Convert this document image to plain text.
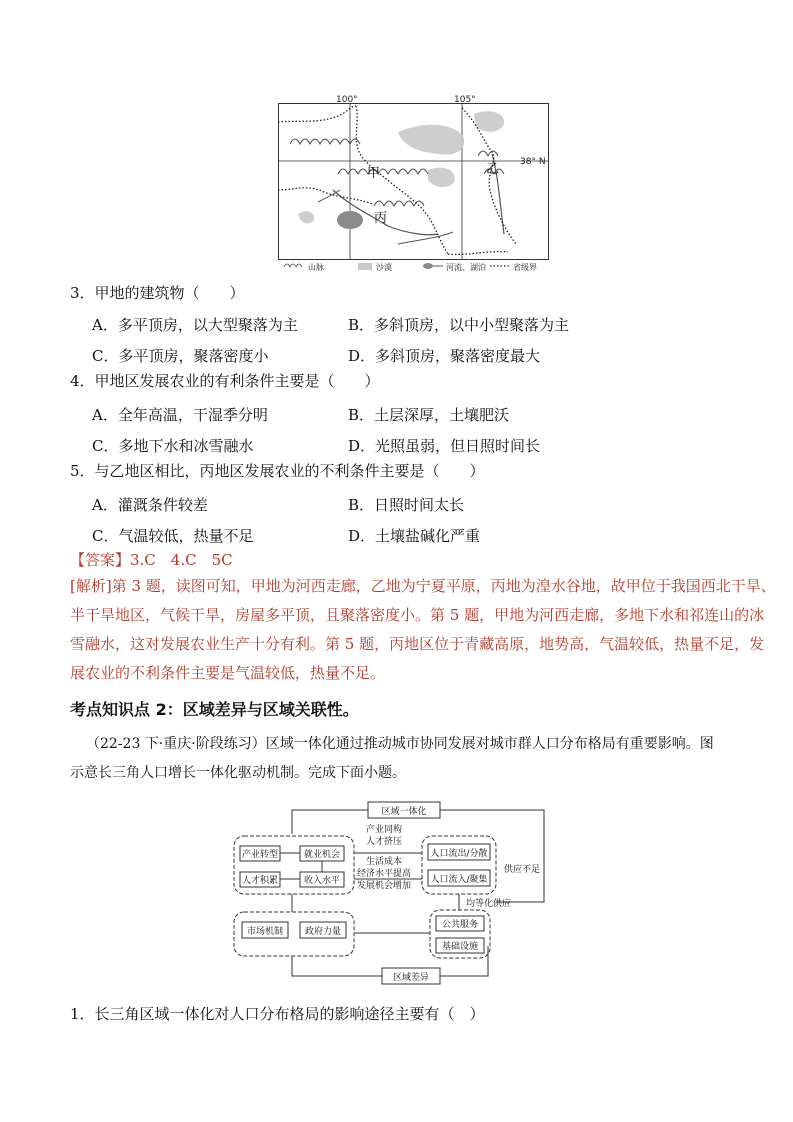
100°	105°
38° N
甲	乙
丙
山脉	沙漠	河流、湖泊	省级界
3．甲地的建筑物（　　）
A．多平顶房，以大型聚落为主	B．多斜顶房，以中小型聚落为主
C．多平顶房，聚落密度小	D．多斜顶房，聚落密度最大
4．甲地区发展农业的有利条件主要是（　　）
A．全年高温，干湿季分明	B．土层深厚，土壤肥沃
C．多地下水和冰雪融水	D．光照虽弱，但日照时间长
5．与乙地区相比，丙地区发展农业的不利条件主要是（　　）
A．灌溉条件较差	B．日照时间太长
C．气温较低，热量不足	D．土壤盐碱化严重
【答案】3.C　4.C　5C
[解析]第 3 题，读图可知，甲地为河西走廊，乙地为宁夏平原，丙地为湟水谷地，故甲位于我国西北干旱、
半干旱地区，气候干旱，房屋多平顶，且聚落密度小。第 5 题，甲地为河西走廊，多地下水和祁连山的冰
雪融水，这对发展农业生产十分有利。第 5 题，丙地区位于青藏高原，地势高，气温较低，热量不足，发
展农业的不利条件主要是气温较低，热量不足。
考点知识点 2：区域差异与区域关联性。
（22-23 下·重庆·阶段练习）区域一体化通过推动城市协同发展对城市群人口分布格局有重要影响。图
示意长三角人口增长一体化驱动机制。完成下面小题。
区域一体化
区域差异
产业转型	就业机会
人才积累	收入水平
产业同构
人才挤压
生活成本
经济水平提高
发展机会增加
人口流出/分散
人口流入/聚集
供应不足
均等化供应
市场机制 政府力量
公共服务
基础设施
1．长三角区域一体化对人口分布格局的影响途径主要有（　）
